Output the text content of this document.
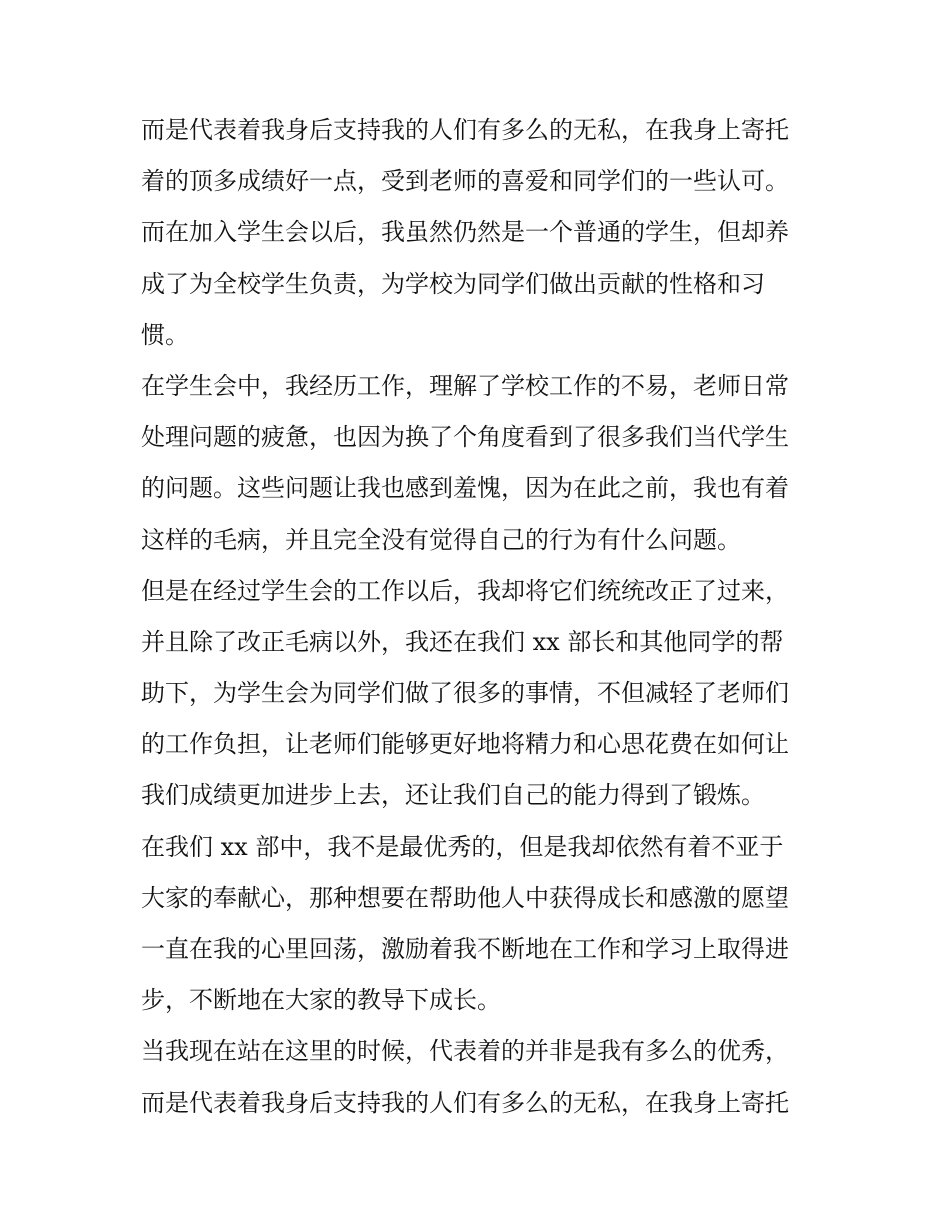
而是代表着我身后支持我的人们有多么的无私，在我身上寄托
着的顶多成绩好一点，受到老师的喜爱和同学们的一些认可。
而在加入学生会以后，我虽然仍然是一个普通的学生，但却养
成了为全校学生负责，为学校为同学们做出贡献的性格和习
惯。
在学生会中，我经历工作，理解了学校工作的不易，老师日常
处理问题的疲惫，也因为换了个角度看到了很多我们当代学生
的问题。这些问题让我也感到羞愧，因为在此之前，我也有着
这样的毛病，并且完全没有觉得自己的行为有什么问题。
但是在经过学生会的工作以后，我却将它们统统改正了过来，
并且除了改正毛病以外，我还在我们 xx 部长和其他同学的帮
助下，为学生会为同学们做了很多的事情，不但减轻了老师们
的工作负担，让老师们能够更好地将精力和心思花费在如何让
我们成绩更加进步上去，还让我们自己的能力得到了锻炼。
在我们 xx 部中，我不是最优秀的，但是我却依然有着不亚于
大家的奉献心，那种想要在帮助他人中获得成长和感激的愿望
一直在我的心里回荡，激励着我不断地在工作和学习上取得进
步，不断地在大家的教导下成长。
当我现在站在这里的时候，代表着的并非是我有多么的优秀，
而是代表着我身后支持我的人们有多么的无私，在我身上寄托
